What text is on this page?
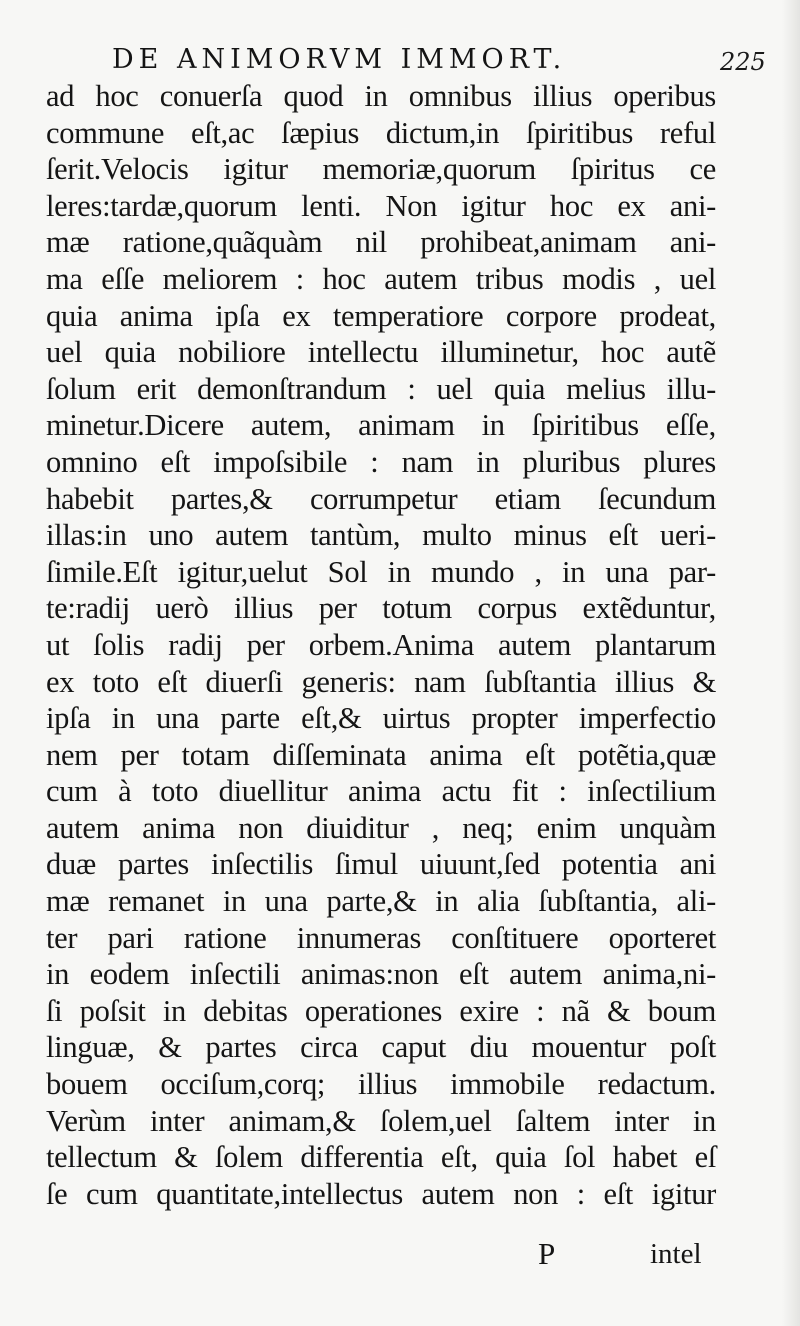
DE ANIMORVM IMMORT.	225
ad hoc conuerſa quod in omnibus illius operibus
commune eſt,ac ſæpius dictum,in ſpiritibus reful
ſerit.Velocis igitur memoriæ,quorum ſpiritus ce
leres:tardæ,quorum lenti. Non igitur hoc ex ani-
mæ ratione,quãquàm nil prohibeat,animam ani-
ma eſſe meliorem : hoc autem tribus modis , uel
quia anima ipſa ex temperatiore corpore prodeat,
uel quia nobiliore intellectu illuminetur, hoc autẽ
ſolum erit demonſtrandum : uel quia melius illu-
minetur.Dicere autem, animam in ſpiritibus eſſe,
omnino eſt impoſsibile : nam in pluribus plures
habebit partes,& corrumpetur etiam ſecundum
illas:in uno autem tantùm, multo minus eſt ueri-
ſimile.Eſt igitur,uelut Sol in mundo , in una par-
te:radij uerò illius per totum corpus extẽduntur,
ut ſolis radij per orbem.Anima autem plantarum
ex toto eſt diuerſi generis: nam ſubſtantia illius &
ipſa in una parte eſt,& uirtus propter imperfectio
nem per totam diſſeminata anima eſt potẽtia,quæ
cum à toto diuellitur anima actu fit : inſectilium
autem anima non diuiditur , neq; enim unquàm
duæ partes inſectilis ſimul uiuunt,ſed potentia ani
mæ remanet in una parte,& in alia ſubſtantia, ali-
ter pari ratione innumeras conſtituere oporteret
in eodem inſectili animas:non eſt autem anima,ni-
ſi poſsit in debitas operationes exire : nã & boum
linguæ, & partes circa caput diu mouentur poſt
bouem occiſum,corq; illius immobile redactum.
Verùm inter animam,& ſolem,uel ſaltem inter in
tellectum & ſolem differentia eſt, quia ſol habet eſ
ſe cum quantitate,intellectus autem non : eſt igitur
P	intel
